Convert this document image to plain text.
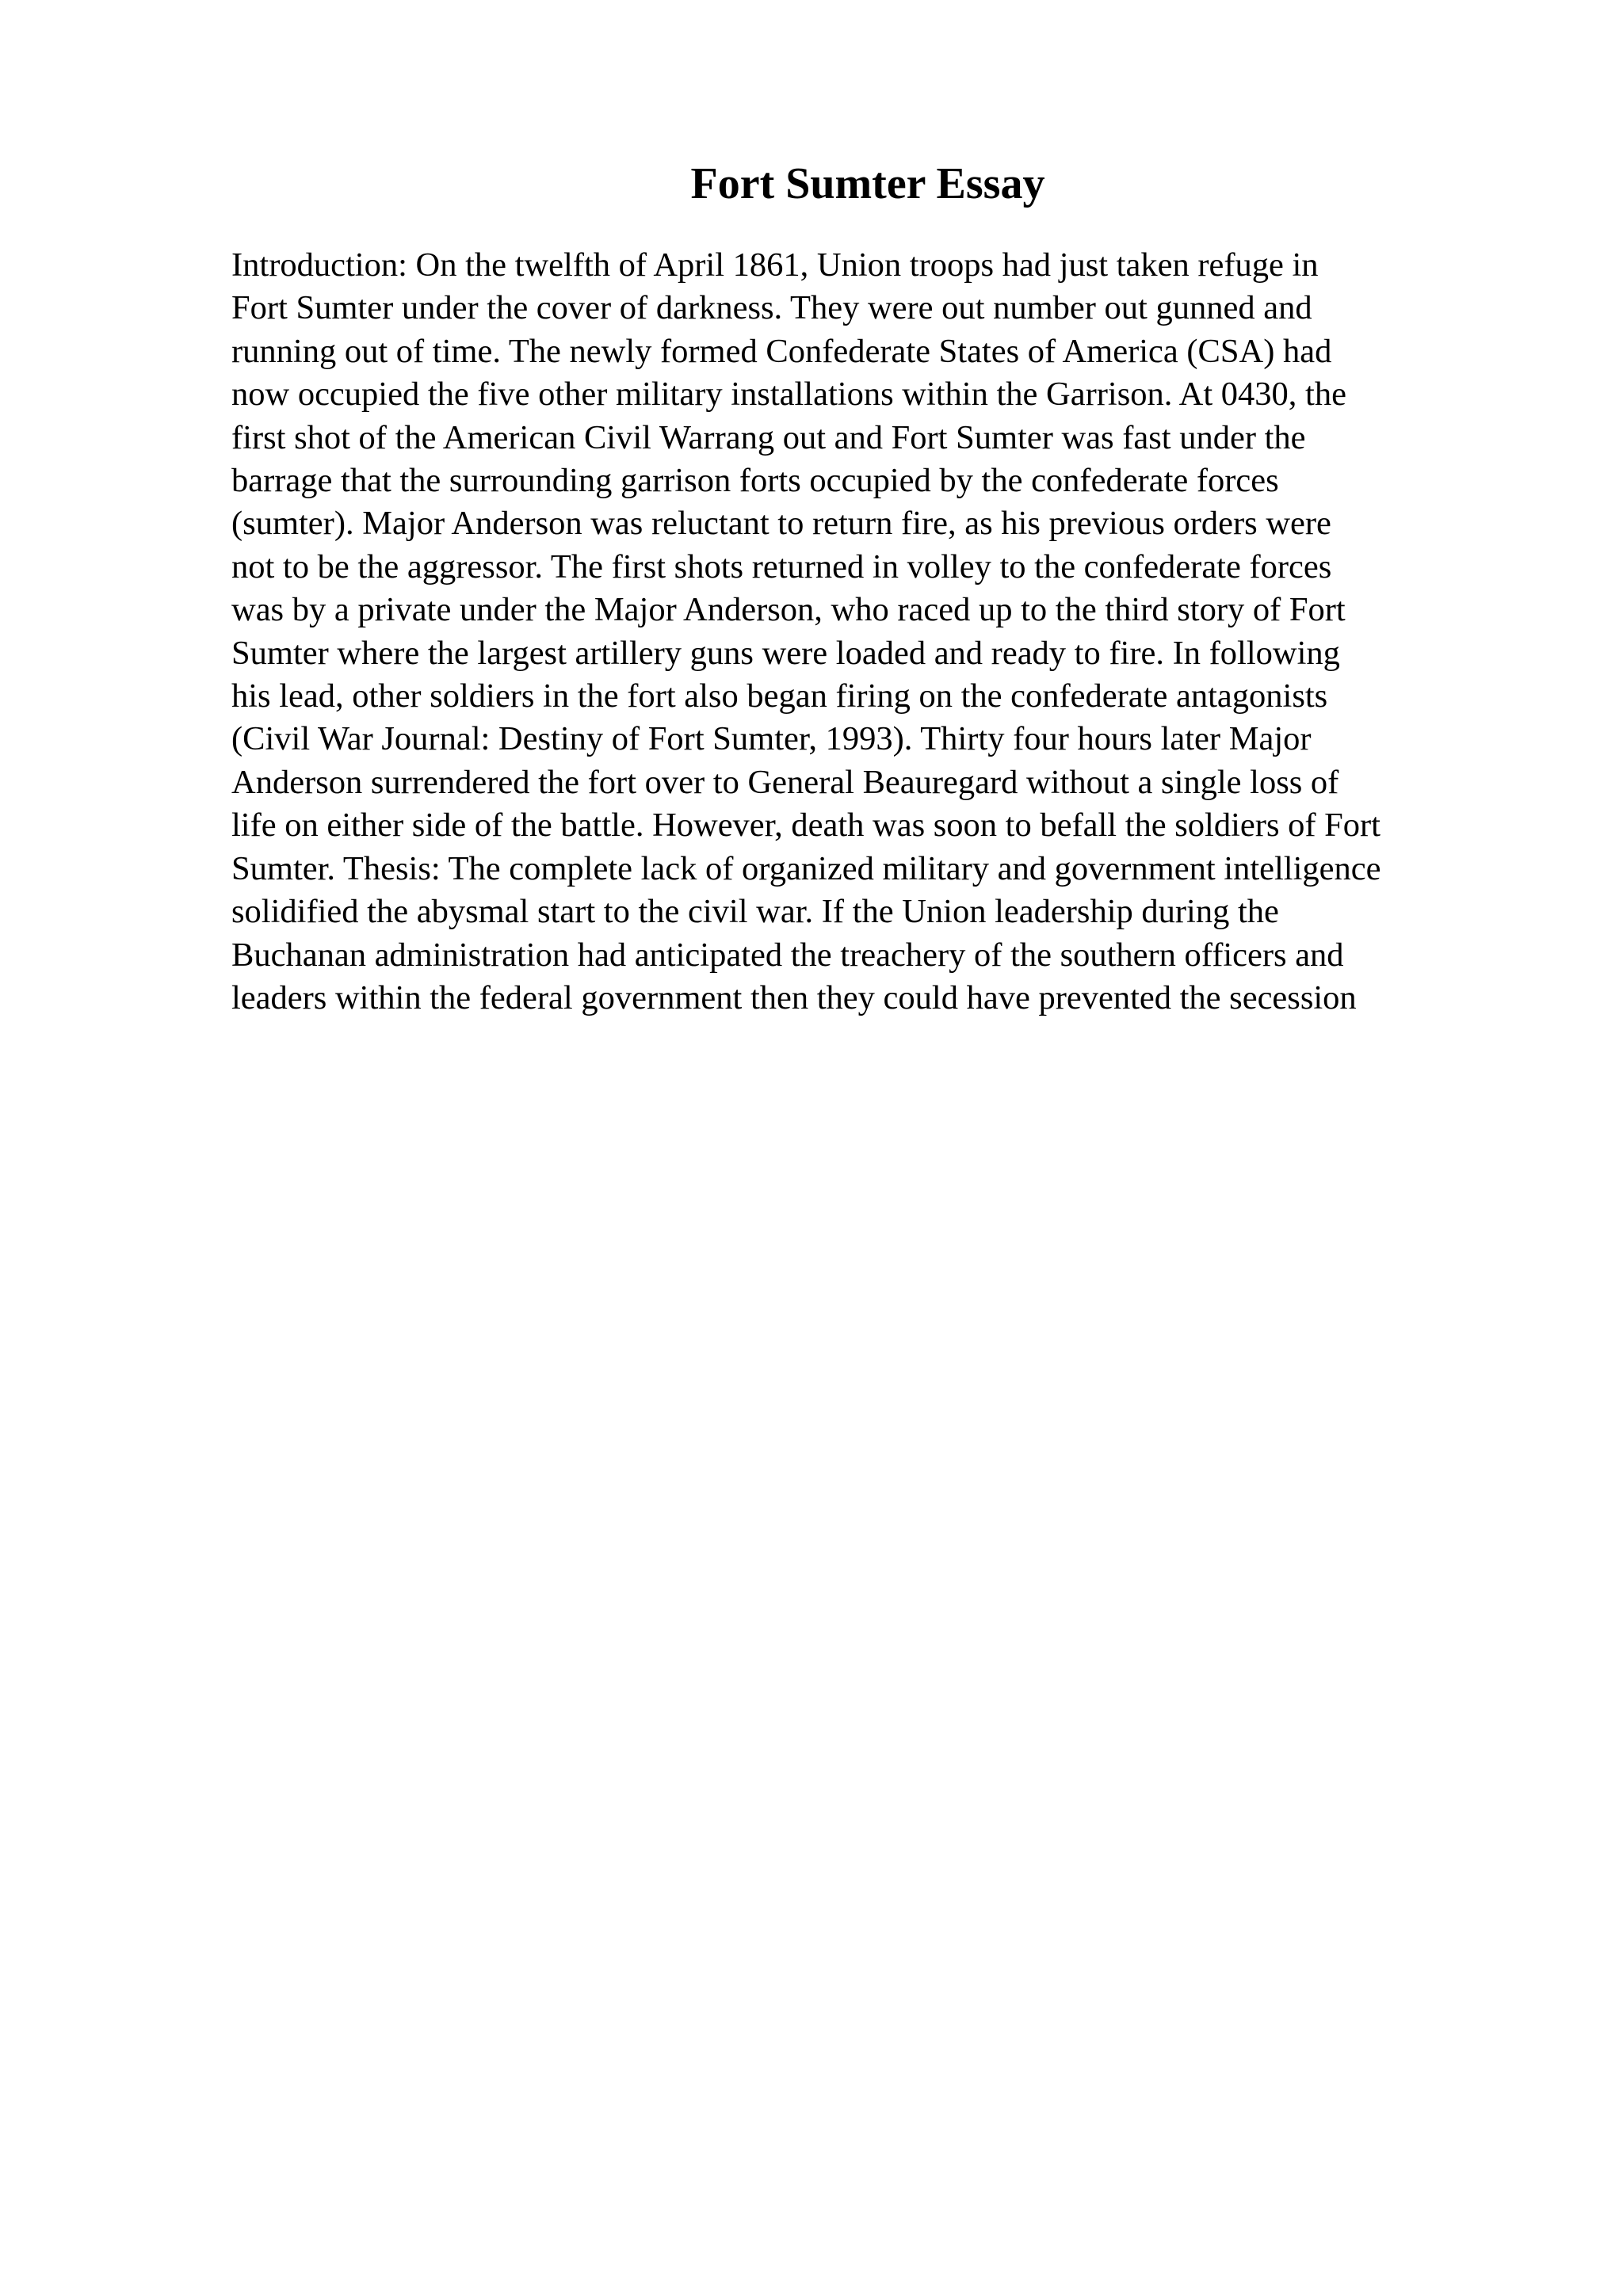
Fort Sumter Essay
Introduction: On the twelfth of April 1861, Union troops had just taken refuge in
Fort Sumter under the cover of darkness. They were out number out gunned and
running out of time. The newly formed Confederate States of America (CSA) had
now occupied the five other military installations within the Garrison. At 0430, the
first shot of the American Civil Warrang out and Fort Sumter was fast under the
barrage that the surrounding garrison forts occupied by the confederate forces
(sumter). Major Anderson was reluctant to return fire, as his previous orders were
not to be the aggressor. The first shots returned in volley to the confederate forces
was by a private under the Major Anderson, who raced up to the third story of Fort
Sumter where the largest artillery guns were loaded and ready to fire. In following
his lead, other soldiers in the fort also began firing on the confederate antagonists
(Civil War Journal: Destiny of Fort Sumter, 1993). Thirty four hours later Major
Anderson surrendered the fort over to General Beauregard without a single loss of
life on either side of the battle. However, death was soon to befall the soldiers of Fort
Sumter. Thesis: The complete lack of organized military and government intelligence
solidified the abysmal start to the civil war. If the Union leadership during the
Buchanan administration had anticipated the treachery of the southern officers and
leaders within the federal government then they could have prevented the secession
